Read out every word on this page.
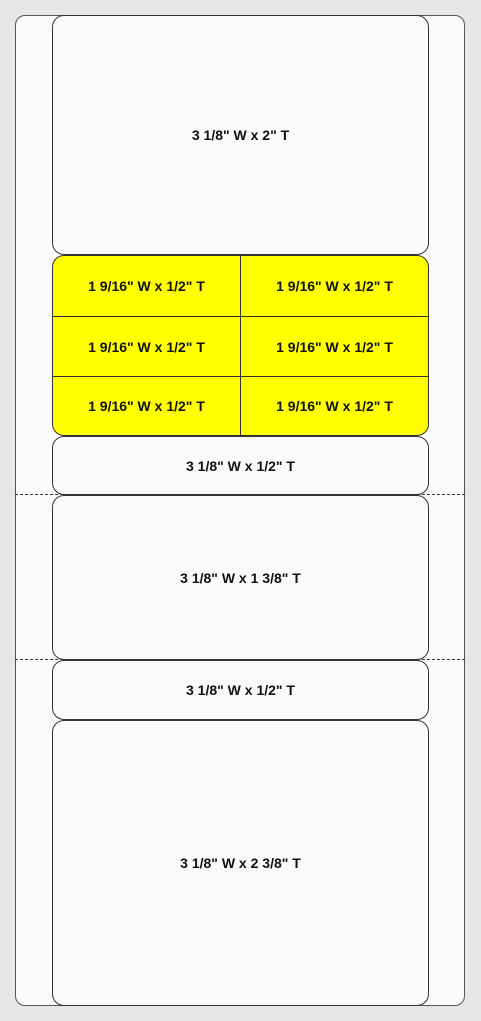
3 1/8" W x 2" T
1 9/16" W x 1/2" T	1 9/16" W x 1/2" T
1 9/16" W x 1/2" T	1 9/16" W x 1/2" T
1 9/16" W x 1/2" T	1 9/16" W x 1/2" T
3 1/8" W x 1/2" T
3 1/8" W x 1 3/8" T
3 1/8" W x 1/2" T
3 1/8" W x 2 3/8" T
